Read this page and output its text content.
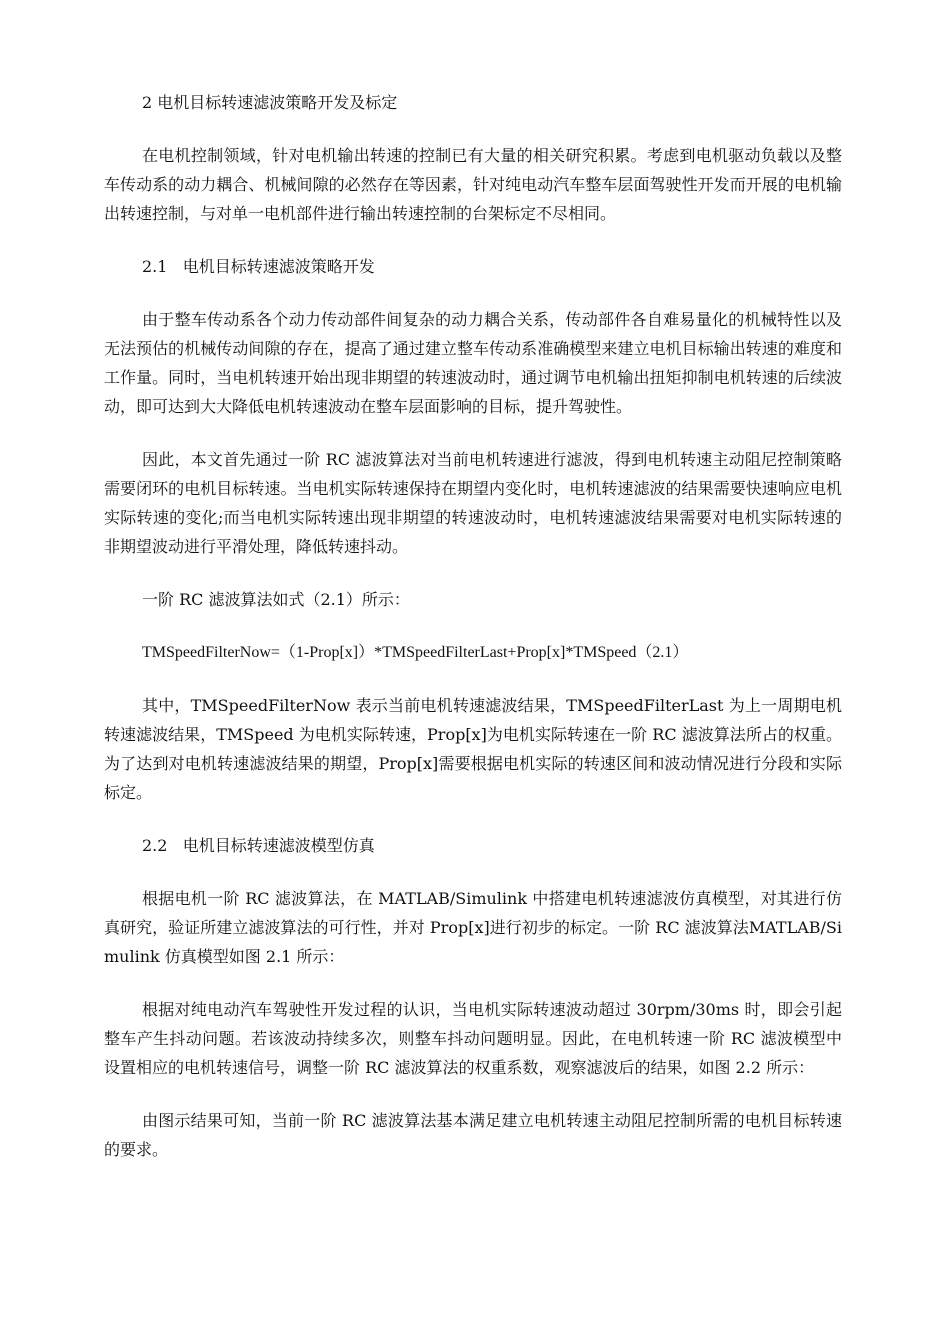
2 电机目标转速滤波策略开发及标定
在电机控制领域，针对电机输出转速的控制已有大量的相关研究积累。考虑到电机驱动负载以及整车传动系的动力耦合、机械间隙的必然存在等因素，针对纯电动汽车整车层面驾驶性开发而开展的电机输出转速控制，与对单一电机部件进行输出转速控制的台架标定不尽相同。
2.1   电机目标转速滤波策略开发
由于整车传动系各个动力传动部件间复杂的动力耦合关系，传动部件各自难易量化的机械特性以及无法预估的机械传动间隙的存在，提高了通过建立整车传动系准确模型来建立电机目标输出转速的难度和工作量。同时，当电机转速开始出现非期望的转速波动时，通过调节电机输出扭矩抑制电机转速的后续波动，即可达到大大降低电机转速波动在整车层面影响的目标，提升驾驶性。
因此，本文首先通过一阶 RC 滤波算法对当前电机转速进行滤波，得到电机转速主动阻尼控制策略需要闭环的电机目标转速。当电机实际转速保持在期望内变化时，电机转速滤波的结果需要快速响应电机实际转速的变化;而当电机实际转速出现非期望的转速波动时，电机转速滤波结果需要对电机实际转速的非期望波动进行平滑处理，降低转速抖动。
一阶 RC 滤波算法如式（2.1）所示：
TMSpeedFilterNow=（1-Prop[x]）*TMSpeedFilterLast+Prop[x]*TMSpeed（2.1）
其中，TMSpeedFilterNow 表示当前电机转速滤波结果，TMSpeedFilterLast 为上一周期电机转速滤波结果，TMSpeed 为电机实际转速，Prop[x]为电机实际转速在一阶 RC 滤波算法所占的权重。为了达到对电机转速滤波结果的期望，Prop[x]需要根据电机实际的转速区间和波动情况进行分段和实际标定。
2.2   电机目标转速滤波模型仿真
根据电机一阶 RC 滤波算法，在 MATLAB/Simulink 中搭建电机转速滤波仿真模型，对其进行仿真研究，验证所建立滤波算法的可行性，并对 Prop[x]进行初步的标定。一阶 RC 滤波算法MATLAB/Simulink 仿真模型如图 2.1 所示：
根据对纯电动汽车驾驶性开发过程的认识，当电机实际转速波动超过 30rpm/30ms 时，即会引起整车产生抖动问题。若该波动持续多次，则整车抖动问题明显。因此，在电机转速一阶 RC 滤波模型中设置相应的电机转速信号，调整一阶 RC 滤波算法的权重系数，观察滤波后的结果，如图 2.2 所示：
由图示结果可知，当前一阶 RC 滤波算法基本满足建立电机转速主动阻尼控制所需的电机目标转速的要求。
